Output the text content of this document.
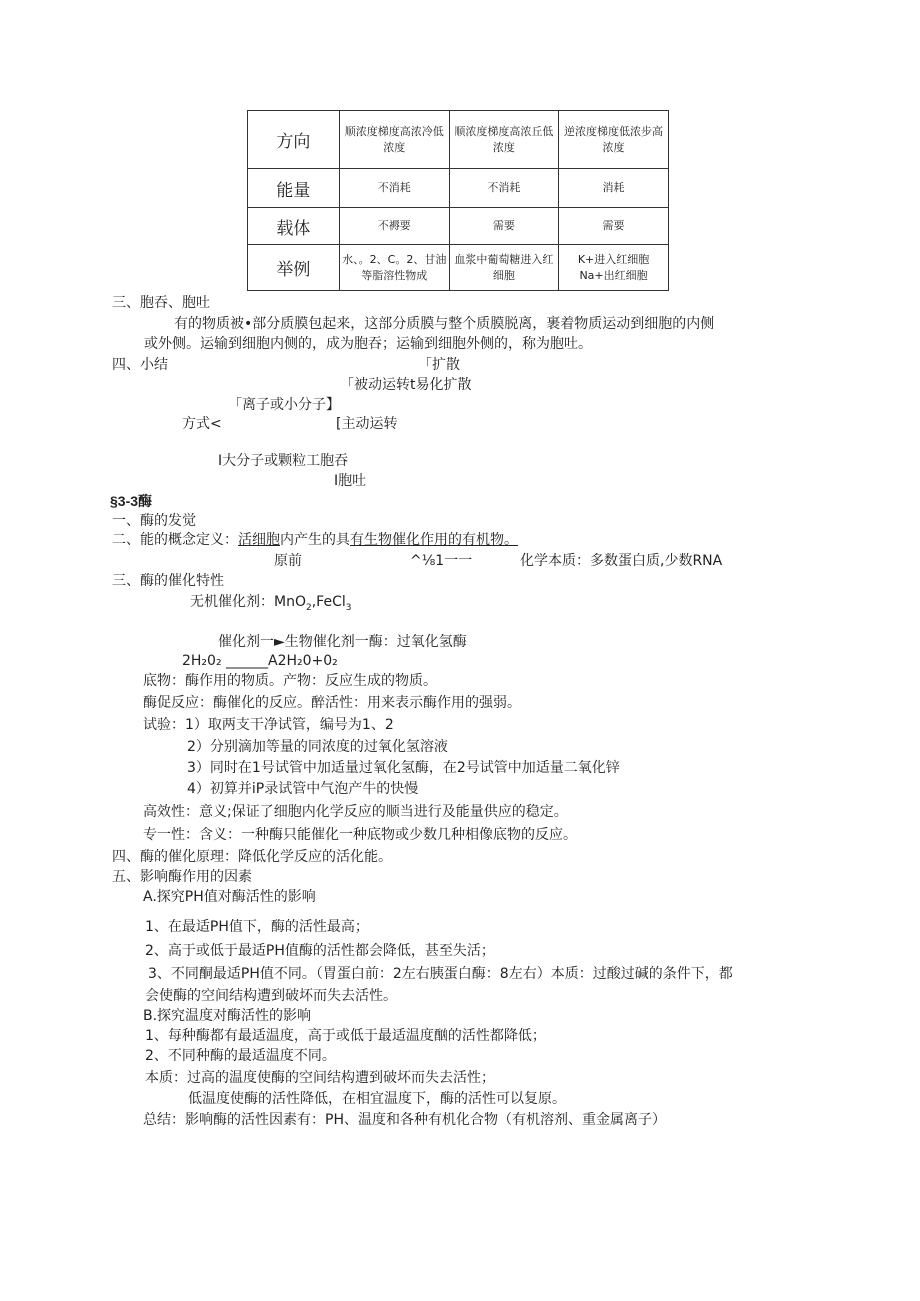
方向	顺浓度梯度高浓冷低浓度	顺浓度梯度高浓丘低浓度	逆浓度梯度低浓步高浓度
能量	不消耗	不消耗	消耗
载体	不褥要	需要	需要
举例	水、。2、C。2、甘油等脂溶性物成	血浆中葡萄糖进入红细胞	K+进入红细胞Na+出红细胞
三、胞吞、胞吐
有的物质被•部分质膜包起来，这部分质膜与整个质膜脱离，裹着物质运动到细胞的内侧
或外侧。运输到细胞内侧的，成为胞吞；运输到细胞外侧的，称为胞吐。
四、小结	「扩散
「被动运转t易化扩散
「离子或小分子】
方式<	[主动运转
I大分子或颗粒工胞吞
I胞吐
§3-3酶
一、酶的发觉
二、能的概念定义：活细胞内产生的具有生物催化作用的有机物。
原前	^⅛1一一	化学本质：多数蛋白质,少数RNA
三、酶的催化特性
无机催化剂：MnO$_2$,FeCl$_3$
催化剂一►生物催化剂一酶：过氧化氢酶
2H₂0₂ ______A2H₂0+0₂
底物：酶作用的物质。产物：反应生成的物质。
酶促反应：酶催化的反应。醉活性：用来表示酶作用的强弱。
试验：1）取两支干净试管，编号为1、2
2）分别滴加等量的同浓度的过氧化氢溶液
3）同时在1号试管中加适量过氧化氢酶，在2号试管中加适量二氧化锌
4）初算并iP录试管中气泡产牛的快慢
高效性：意义;保证了细胞内化学反应的顺当进行及能量供应的稳定。
专一性：含义：一种酶只能催化一种底物或少数几种相像底物的反应。
四、酶的催化原理：降低化学反应的活化能。
五、影响酶作用的因素
A.探究PH值对酶活性的影响
1、在最适PH值下，酶的活性最高；
2、高于或低于最适PH值酶的活性都会降低，甚至失活；
3、不同酮最适PH值不同。（胃蛋白前：2左右胰蛋白酶：8左右）本质：过酸过碱的条件下，都
会使酶的空间结构遭到破坏而失去活性。
B.探究温度对酶活性的影响
1、每种酶都有最适温度，高于或低于最适温度酗的活性都降低；
2、不同种酶的最适温度不同。
本质：过高的温度使酶的空间结构遭到破坏而失去活性；
低温度使酶的活性降低，在相宜温度下，酶的活性可以复原。
总结：影响酶的活性因素有：PH、温度和各种有机化合物（有机溶剂、重金属离子）
